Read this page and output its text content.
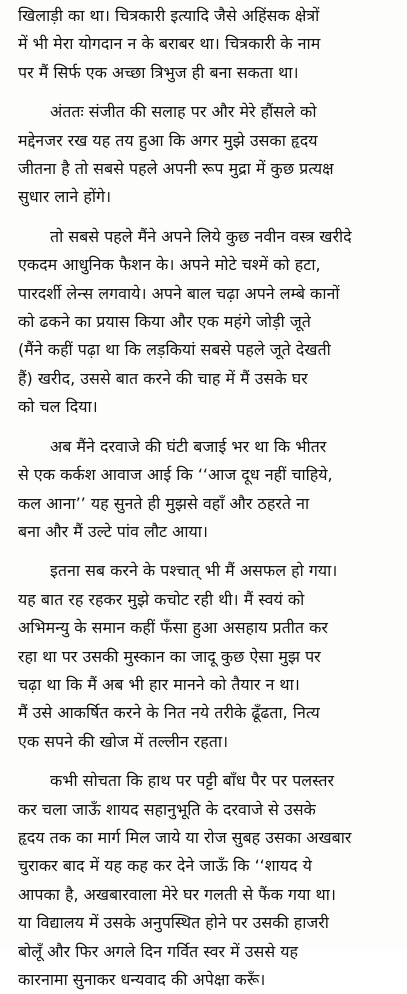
खिलाड़ी का था। चित्रकारी इत्यादि जैसे अहिंसक क्षेत्रों
में भी मेरा योगदान न के बराबर था। चित्रकारी के नाम
पर मैं सिर्फ एक अच्छा त्रिभुज ही बना सकता था।

अंततः संजीत की सलाह पर और मेरे हौंसले को
मद्देनजर रख यह तय हुआ कि अगर मुझे उसका हृदय
जीतना है तो सबसे पहले अपनी रूप मुद्रा में कुछ प्रत्यक्ष
सुधार लाने होंगे।

तो सबसे पहले मैंने अपने लिये कुछ नवीन वस्त्र खरीदे
एकदम आधुनिक फैशन के। अपने मोटे चश्में को हटा,
पारदर्शी लेन्स लगवाये। अपने बाल चढ़ा अपने लम्बे कानों
को ढकने का प्रयास किया और एक महंगे जोड़ी जूते
(मैंने कहीं पढ़ा था कि लड़कियां सबसे पहले जूते देखती
हैं) खरीद, उससे बात करने की चाह में मैं उसके घर
को चल दिया।

अब मैंने दरवाजे की घंटी बजाई भर था कि भीतर
से एक कर्कश आवाज आई कि ‘‘आज दूध नहीं चाहिये,
कल आना’’ यह सुनते ही मुझसे वहाँ और ठहरते ना
बना और मैं उल्टे पांव लौट आया।

इतना सब करने के पश्चात् भी मैं असफल हो गया।
यह बात रह रहकर मुझे कचोट रही थी। मैं स्वयं को
अभिमन्यु के समान कहीं फँसा हुआ असहाय प्रतीत कर
रहा था पर उसकी मुस्कान का जादू कुछ ऐसा मुझ पर
चढ़ा था कि मैं अब भी हार मानने को तैयार न था।
मैं उसे आकर्षित करने के नित नये तरीके ढूँढता, नित्य
एक सपने की खोज में तल्लीन रहता।

कभी सोचता कि हाथ पर पट्टी बाँध पैर पर पलस्तर
कर चला जाऊँ शायद सहानुभूति के दरवाजे से उसके
हृदय तक का मार्ग मिल जाये या रोज सुबह उसका अखबार
चुराकर बाद में यह कह कर देने जाऊँ कि ‘‘शायद ये
आपका है, अखबारवाला मेरे घर गलती से फैंक गया था।
या विद्यालय में उसके अनुपस्थित होने पर उसकी हाजरी
बोलूँ और फिर अगले दिन गर्वित स्वर में उससे यह
कारनामा सुनाकर धन्यवाद की अपेक्षा करूँ।
